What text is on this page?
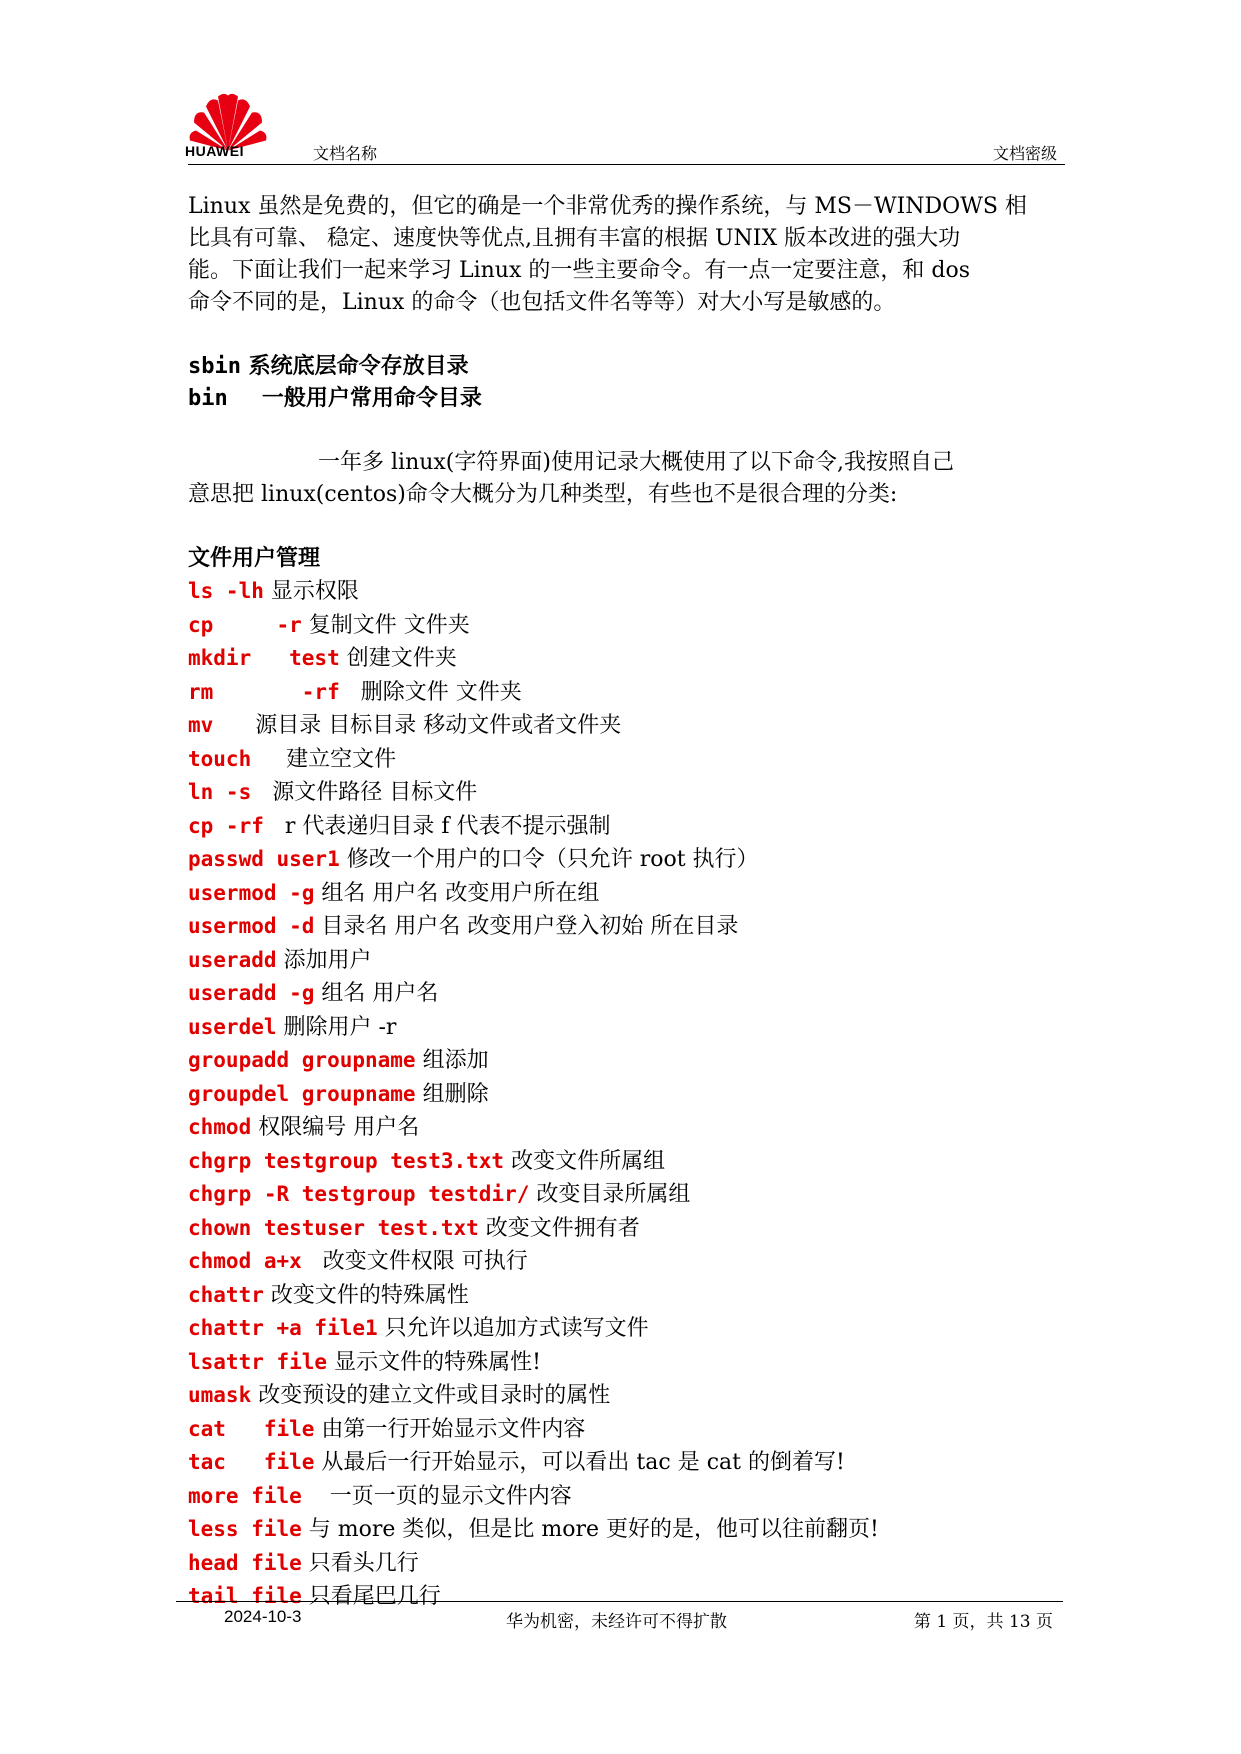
HUAWEI	文档名称	文档密级

Linux 虽然是免费的，但它的确是一个非常优秀的操作系统，与 MS－WINDOWS 相

比具有可靠、 稳定、速度快等优点,且拥有丰富的根据 UNIX 版本改进的强大功

能。下面让我们一起来学习 Linux 的一些主要命令。有一点一定要注意，和 dos

命令不同的是，Linux 的命令（也包括文件名等等）对大小写是敏感的。

sbin 系统底层命令存放目录

bin   一般用户常用命令目录

一年多 linux(字符界面)使用记录大概使用了以下命令,我按照自己

意思把 linux(centos)命令大概分为几种类型，有些也不是很合理的分类:

文件用户管理

ls -lh 显示权限

cp     -r 复制文件 文件夹

mkdir   test 创建文件夹

rm       -rf   删除文件 文件夹

mv      源目录 目标目录 移动文件或者文件夹

touch     建立空文件

ln -s   源文件路径 目标文件

cp -rf   r 代表递归目录 f 代表不提示强制

passwd user1 修改一个用户的口令（只允许 root 执行）

usermod -g 组名 用户名 改变用户所在组

usermod -d 目录名 用户名 改变用户登入初始 所在目录

useradd 添加用户

useradd -g 组名 用户名

userdel 删除用户 -r

groupadd groupname 组添加

groupdel groupname 组删除

chmod 权限编号 用户名

chgrp testgroup test3.txt 改变文件所属组

chgrp -R testgroup testdir/ 改变目录所属组

chown testuser test.txt 改变文件拥有者

chmod a+x   改变文件权限 可执行

chattr 改变文件的特殊属性

chattr +a file1 只允许以追加方式读写文件

lsattr file 显示文件的特殊属性!

umask 改变预设的建立文件或目录时的属性

cat   file 由第一行开始显示文件内容

tac   file 从最后一行开始显示，可以看出 tac 是 cat 的倒着写!

more file    一页一页的显示文件内容

less file 与 more 类似，但是比 more 更好的是，他可以往前翻页!

head file 只看头几行

tail file 只看尾巴几行

2024-10-3	华为机密，未经许可不得扩散	第 1 页，共 13 页
